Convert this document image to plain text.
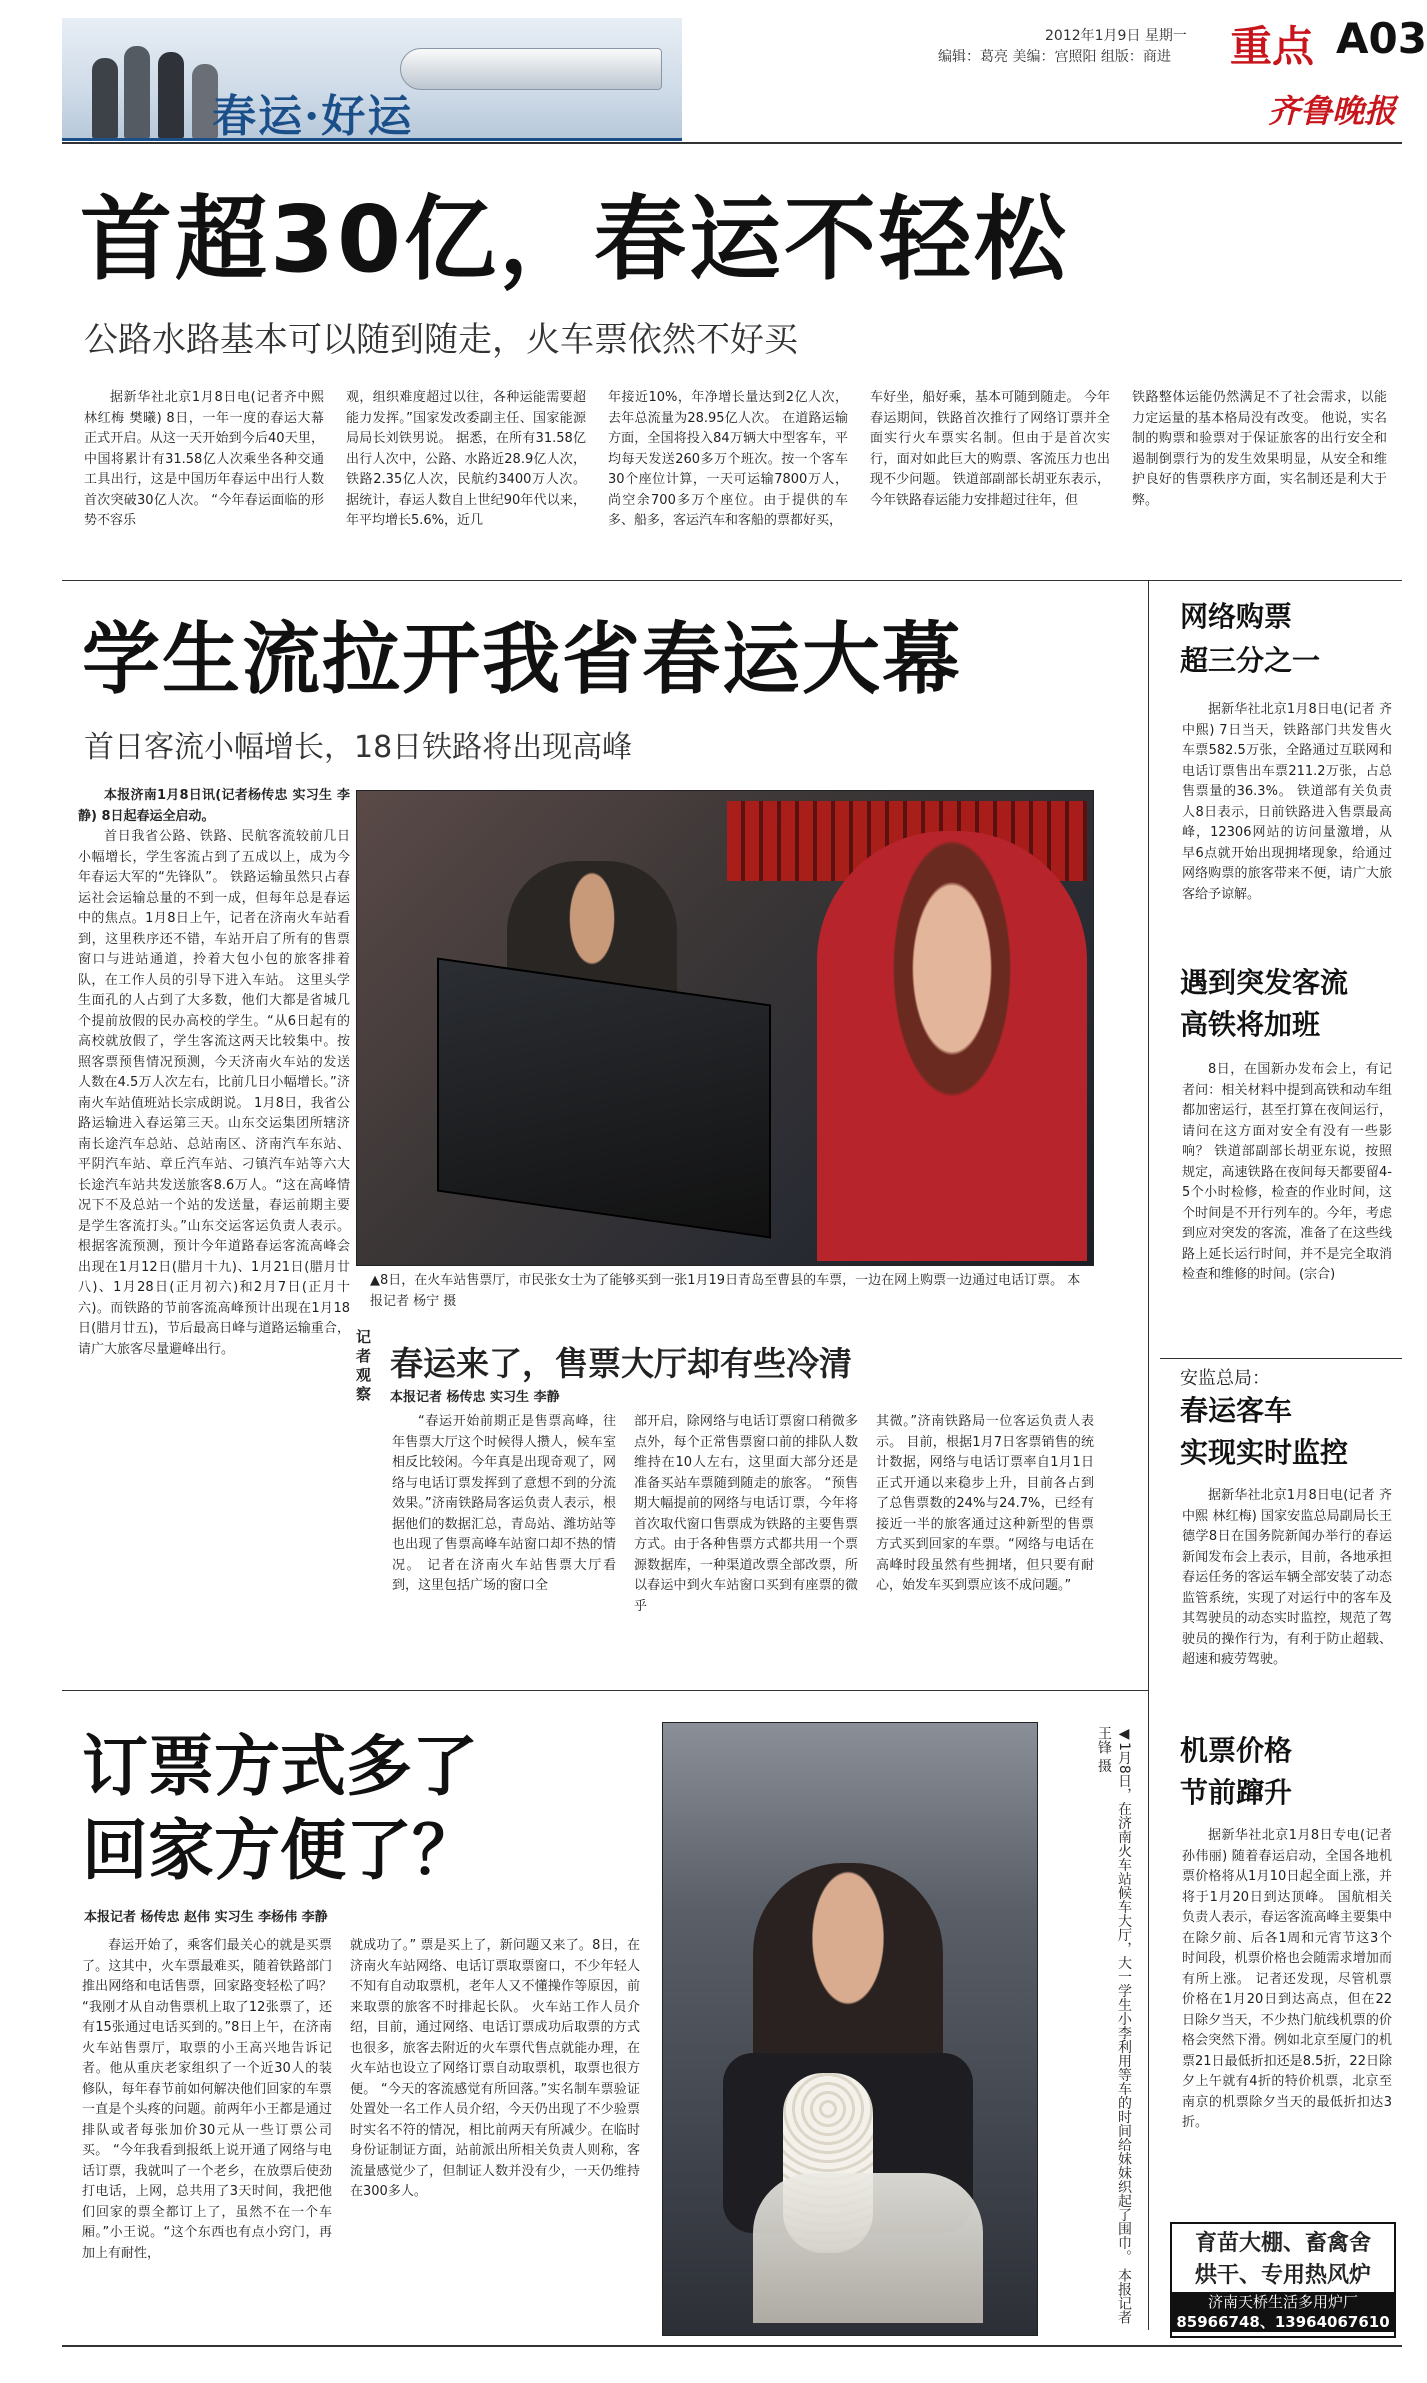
春运·好运
2012年1月9日 星期一
编辑：葛亮 美编：宫照阳 组版：商进 重点 A03
齐鲁晚报
首超30亿，春运不轻松
公路水路基本可以随到随走，火车票依然不好买

据新华社北京1月8日电(记者齐中熙 林红梅 樊曦) 8日，一年一度的春运大幕正式开启。从这一天开始到今后40天里，中国将累计有31.58亿人次乘坐各种交通工具出行，这是中国历年春运中出行人数首次突破30亿人次。 “今年春运面临的形势不容乐

观，组织难度超过以往，各种运能需要超能力发挥。”国家发改委副主任、国家能源局局长刘铁男说。 据悉，在所有31.58亿出行人次中，公路、水路近28.9亿人次，铁路2.35亿人次，民航约3400万人次。 据统计，春运人数自上世纪90年代以来，年平均增长5.6%，近几

年接近10%，年净增长量达到2亿人次，去年总流量为28.95亿人次。 在道路运输方面，全国将投入84万辆大中型客车，平均每天发送260多万个班次。按一个客车30个座位计算，一天可运输7800万人，尚空余700多万个座位。由于提供的车多、船多，客运汽车和客船的票都好买，

车好坐，船好乘，基本可随到随走。 今年春运期间，铁路首次推行了网络订票并全面实行火车票实名制。但由于是首次实行，面对如此巨大的购票、客流压力也出现不少问题。 铁道部副部长胡亚东表示，今年铁路春运能力安排超过往年，但

铁路整体运能仍然满足不了社会需求，以能力定运量的基本格局没有改变。 他说，实名制的购票和验票对于保证旅客的出行安全和遏制倒票行为的发生效果明显，从安全和维护良好的售票秩序方面，实名制还是利大于弊。

学生流拉开我省春运大幕
首日客流小幅增长，18日铁路将出现高峰

本报济南1月8日讯(记者杨传忠 实习生 李静) 8日起春运全启动。

首日我省公路、铁路、民航客流较前几日小幅增长，学生客流占到了五成以上，成为今年春运大军的“先锋队”。 铁路运输虽然只占春运社会运输总量的不到一成，但每年总是春运中的焦点。1月8日上午，记者在济南火车站看到，这里秩序还不错，车站开启了所有的售票窗口与进站通道，拎着大包小包的旅客排着队，在工作人员的引导下进入车站。 这里头学生面孔的人占到了大多数，他们大都是省城几个提前放假的民办高校的学生。“从6日起有的高校就放假了，学生客流这两天比较集中。按照客票预售情况预测，今天济南火车站的发送人数在4.5万人次左右，比前几日小幅增长。”济南火车站值班站长宗成朗说。 1月8日，我省公路运输进入春运第三天。山东交运集团所辖济南长途汽车总站、总站南区、济南汽车东站、平阴汽车站、章丘汽车站、刁镇汽车站等六大长途汽车站共发送旅客8.6万人。“这在高峰情况下不及总站一个站的发送量，春运前期主要是学生客流打头。”山东交运客运负责人表示。 根据客流预测，预计今年道路春运客流高峰会出现在1月12日(腊月十九)、1月21日(腊月廿八)、1月28日(正月初六)和2月7日(正月十六)。而铁路的节前客流高峰预计出现在1月18日(腊月廿五)，节后最高日峰与道路运输重合，请广大旅客尽量避峰出行。

▲8日，在火车站售票厅，市民张女士为了能够买到一张1月19日青岛至曹县的车票，一边在网上购票一边通过电话订票。 本报记者 杨宁 摄
记者观察
春运来了，售票大厅却有些冷清
本报记者 杨传忠 实习生 李静

“春运开始前期正是售票高峰，往年售票大厅这个时候得人攒人，候车室相反比较闲。今年真是出现奇观了，网络与电话订票发挥到了意想不到的分流效果。”济南铁路局客运负责人表示，根据他们的数据汇总，青岛站、潍坊站等也出现了售票高峰车站窗口却不热的情况。 记者在济南火车站售票大厅看到，这里包括广场的窗口全

部开启，除网络与电话订票窗口稍微多点外，每个正常售票窗口前的排队人数维持在10人左右，这里面大部分还是准备买站车票随到随走的旅客。 “预售期大幅提前的网络与电话订票，今年将首次取代窗口售票成为铁路的主要售票方式。由于各种售票方式都共用一个票源数据库，一种渠道改票全部改票，所以春运中到火车站窗口买到有座票的微乎

其微。”济南铁路局一位客运负责人表示。 目前，根据1月7日客票销售的统计数据，网络与电话订票率自1月1日正式开通以来稳步上升，目前各占到了总售票数的24%与24.7%，已经有接近一半的旅客通过这种新型的售票方式买到回家的车票。“网络与电话在高峰时段虽然有些拥堵，但只要有耐心，始发车买到票应该不成问题。”

订票方式多了
回家方便了？
本报记者 杨传忠 赵伟 实习生 李杨伟 李静

春运开始了，乘客们最关心的就是买票了。这其中，火车票最难买，随着铁路部门推出网络和电话售票，回家路变轻松了吗？ “我刚才从自动售票机上取了12张票了，还有15张通过电话买到的。”8日上午，在济南火车站售票厅，取票的小王高兴地告诉记者。他从重庆老家组织了一个近30人的装修队，每年春节前如何解决他们回家的车票一直是个头疼的问题。前两年小王都是通过排队或者每张加价30元从一些订票公司买。 “今年我看到报纸上说开通了网络与电话订票，我就叫了一个老乡，在放票后使劲打电话，上网，总共用了3天时间，我把他们回家的票全都订上了，虽然不在一个车厢。”小王说。“这个东西也有点小窍门，再加上有耐性，

就成功了。” 票是买上了，新问题又来了。8日，在济南火车站网络、电话订票取票窗口，不少年轻人不知有自动取票机，老年人又不懂操作等原因，前来取票的旅客不时排起长队。 火车站工作人员介绍，目前，通过网络、电话订票成功后取票的方式也很多，旅客去附近的火车票代售点就能办理，在火车站也设立了网络订票自动取票机，取票也很方便。 “今天的客流感觉有所回落。”实名制车票验证处置处一名工作人员介绍，今天仍出现了不少验票时实名不符的情况，相比前两天有所减少。在临时身份证制证方面，站前派出所相关负责人则称，客流量感觉少了，但制证人数并没有少，一天仍维持在300多人。	◀1月8日，在济南火车站候车大厅，大一学生小李利用等车的时间给妹妹织起了围巾。 本报记者 王锋 摄
网络购票
超三分之一

据新华社北京1月8日电(记者 齐中熙) 7日当天，铁路部门共发售火车票582.5万张，全路通过互联网和电话订票售出车票211.2万张，占总售票量的36.3%。 铁道部有关负责人8日表示，日前铁路进入售票最高峰，12306网站的访问量激增，从早6点就开始出现拥堵现象，给通过网络购票的旅客带来不便，请广大旅客给予谅解。

遇到突发客流
高铁将加班

8日，在国新办发布会上，有记者问：相关材料中提到高铁和动车组都加密运行，甚至打算在夜间运行，请问在这方面对安全有没有一些影响？ 铁道部副部长胡亚东说，按照规定，高速铁路在夜间每天都要留4-5个小时检修，检查的作业时间，这个时间是不开行列车的。今年，考虑到应对突发的客流，准备了在这些线路上延长运行时间，并不是完全取消检查和维修的时间。(宗合)

安监总局：
春运客车
实现实时监控

据新华社北京1月8日电(记者 齐中熙 林红梅) 国家安监总局副局长王德学8日在国务院新闻办举行的春运新闻发布会上表示，目前，各地承担春运任务的客运车辆全部安装了动态监管系统，实现了对运行中的客车及其驾驶员的动态实时监控，规范了驾驶员的操作行为，有利于防止超载、超速和疲劳驾驶。

机票价格
节前蹿升

据新华社北京1月8日专电(记者 孙伟丽) 随着春运启动，全国各地机票价格将从1月10日起全面上涨，并将于1月20日到达顶峰。 国航相关负责人表示，春运客流高峰主要集中在除夕前、后各1周和元宵节这3个时间段，机票价格也会随需求增加而有所上涨。 记者还发现，尽管机票价格在1月20日到达高点，但在22日除夕当天，不少热门航线机票的价格会突然下滑。例如北京至厦门的机票21日最低折扣还是8.5折，22日除夕上午就有4折的特价机票，北京至南京的机票除夕当天的最低折扣达3折。

育苗大棚、畜禽舍
烘干、专用热风炉
济南天桥生活多用炉厂
85966748、13964067610
